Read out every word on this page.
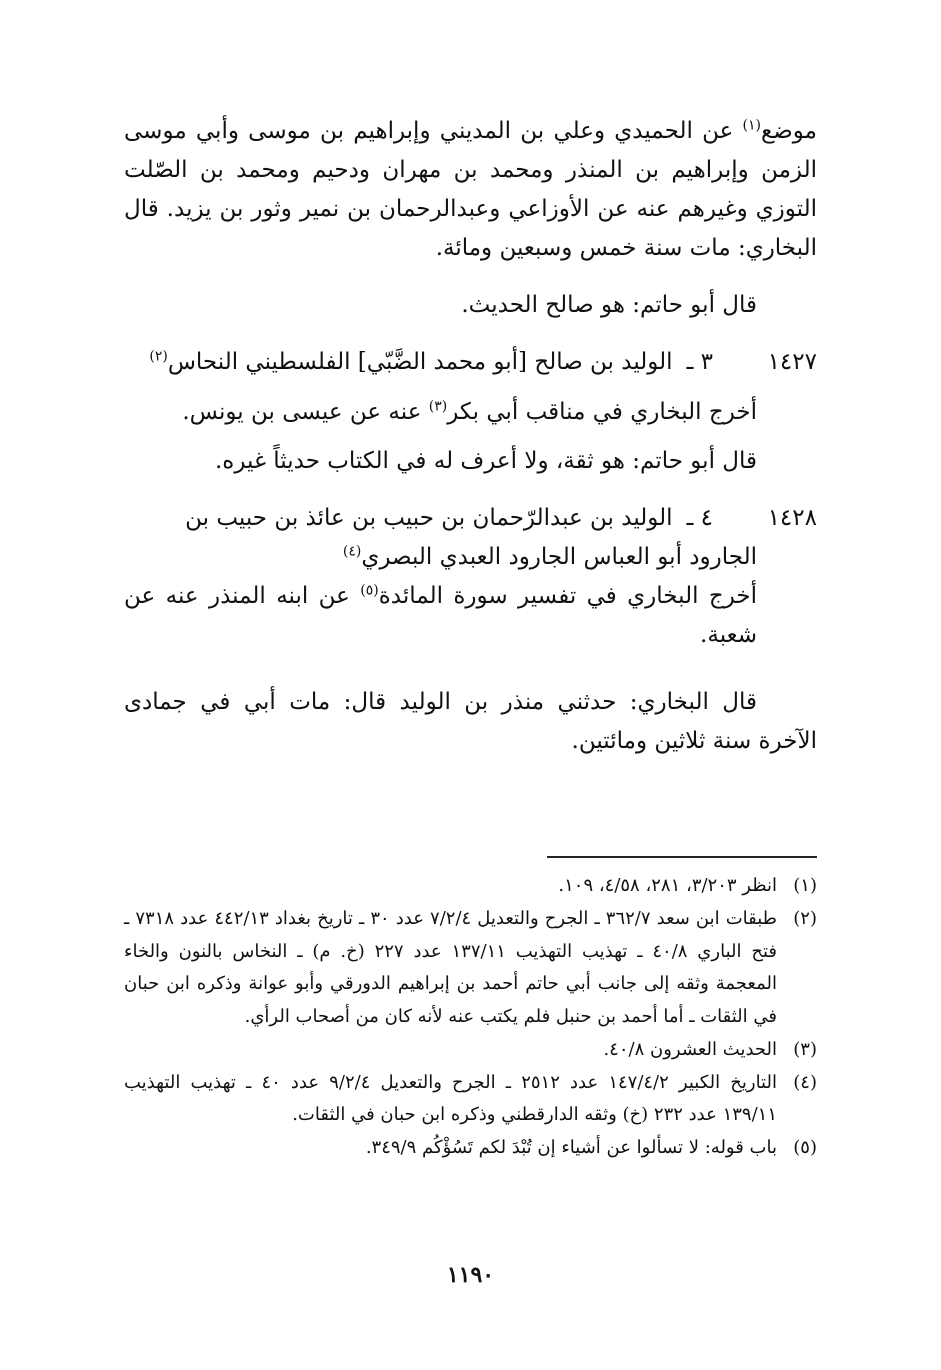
موضع$^{(١)}$ عن الحميدي وعلي بن المديني وإبراهيم بن موسى وأبي موسى الزمن وإبراهيم بن المنذر ومحمد بن مهران ودحيم ومحمد بن الصّلت التوزي وغيرهم عنه عن الأوزاعي وعبدالرحمان بن نمير وثور بن يزيد. قال البخاري: مات سنة خمس وسبعين ومائة.

قال أبو حاتم: هو صالح الحديث.

١٤٢٧

٣ ـالوليد بن صالح [أبو محمد الضَّبّي] الفلسطيني النحاس$^{(٢)}$

أخرج البخاري في مناقب أبي بكر$^{(٣)}$ عنه عن عيسى بن يونس.

قال أبو حاتم: هو ثقة، ولا أعرف له في الكتاب حديثاً غيره.

١٤٢٨

٤ ـالوليد بن عبدالرّحمان بن حبيب بن عائذ بن حبيب بن

الجارود أبو العباس الجارود العبدي البصري$^{(٤)}$

أخرج البخاري في تفسير سورة المائدة$^{(٥)}$ عن ابنه المنذر عنه عن شعبة.

قال البخاري: حدثني منذر بن الوليد قال: مات أبي في جمادى الآخرة سنة ثلاثين ومائتين.

(١)
انظر ٣/٢٠٣، ٢٨١، ٤/٥٨، ١٠٩.

(٢)
طبقات ابن سعد ٣٦٢/٧ ـ الجرح والتعديل ٧/٢/٤ عدد ٣٠ ـ تاريخ بغداد ٤٤٢/١٣ عدد ٧٣١٨ ـ فتح الباري ٤٠/٨ ـ تهذيب التهذيب ١٣٧/١١ عدد ٢٢٧ (خ. م) ـ النخاس بالنون والخاء المعجمة وثقه إلى جانب أبي حاتم أحمد بن إبراهيم الدورقي وأبو عوانة وذكره ابن حبان في الثقات ـ أما أحمد بن حنبل فلم يكتب عنه لأنه كان من أصحاب الرأي.

(٣)
الحديث العشرون ٤٠/٨.

(٤)
التاريخ الكبير ١٤٧/٤/٢ عدد ٢٥١٢ ـ الجرح والتعديل ٩/٢/٤ عدد ٤٠ ـ تهذيب التهذيب ١٣٩/١١ عدد ٢٣٢ (خ) وثقه الدارقطني وذكره ابن حبان في الثقات.

(٥)
باب قوله: لا تسألوا عن أشياء إن تُبْدَ لكم تَسُؤْكُم ٣٤٩/٩.

١١٩٠
